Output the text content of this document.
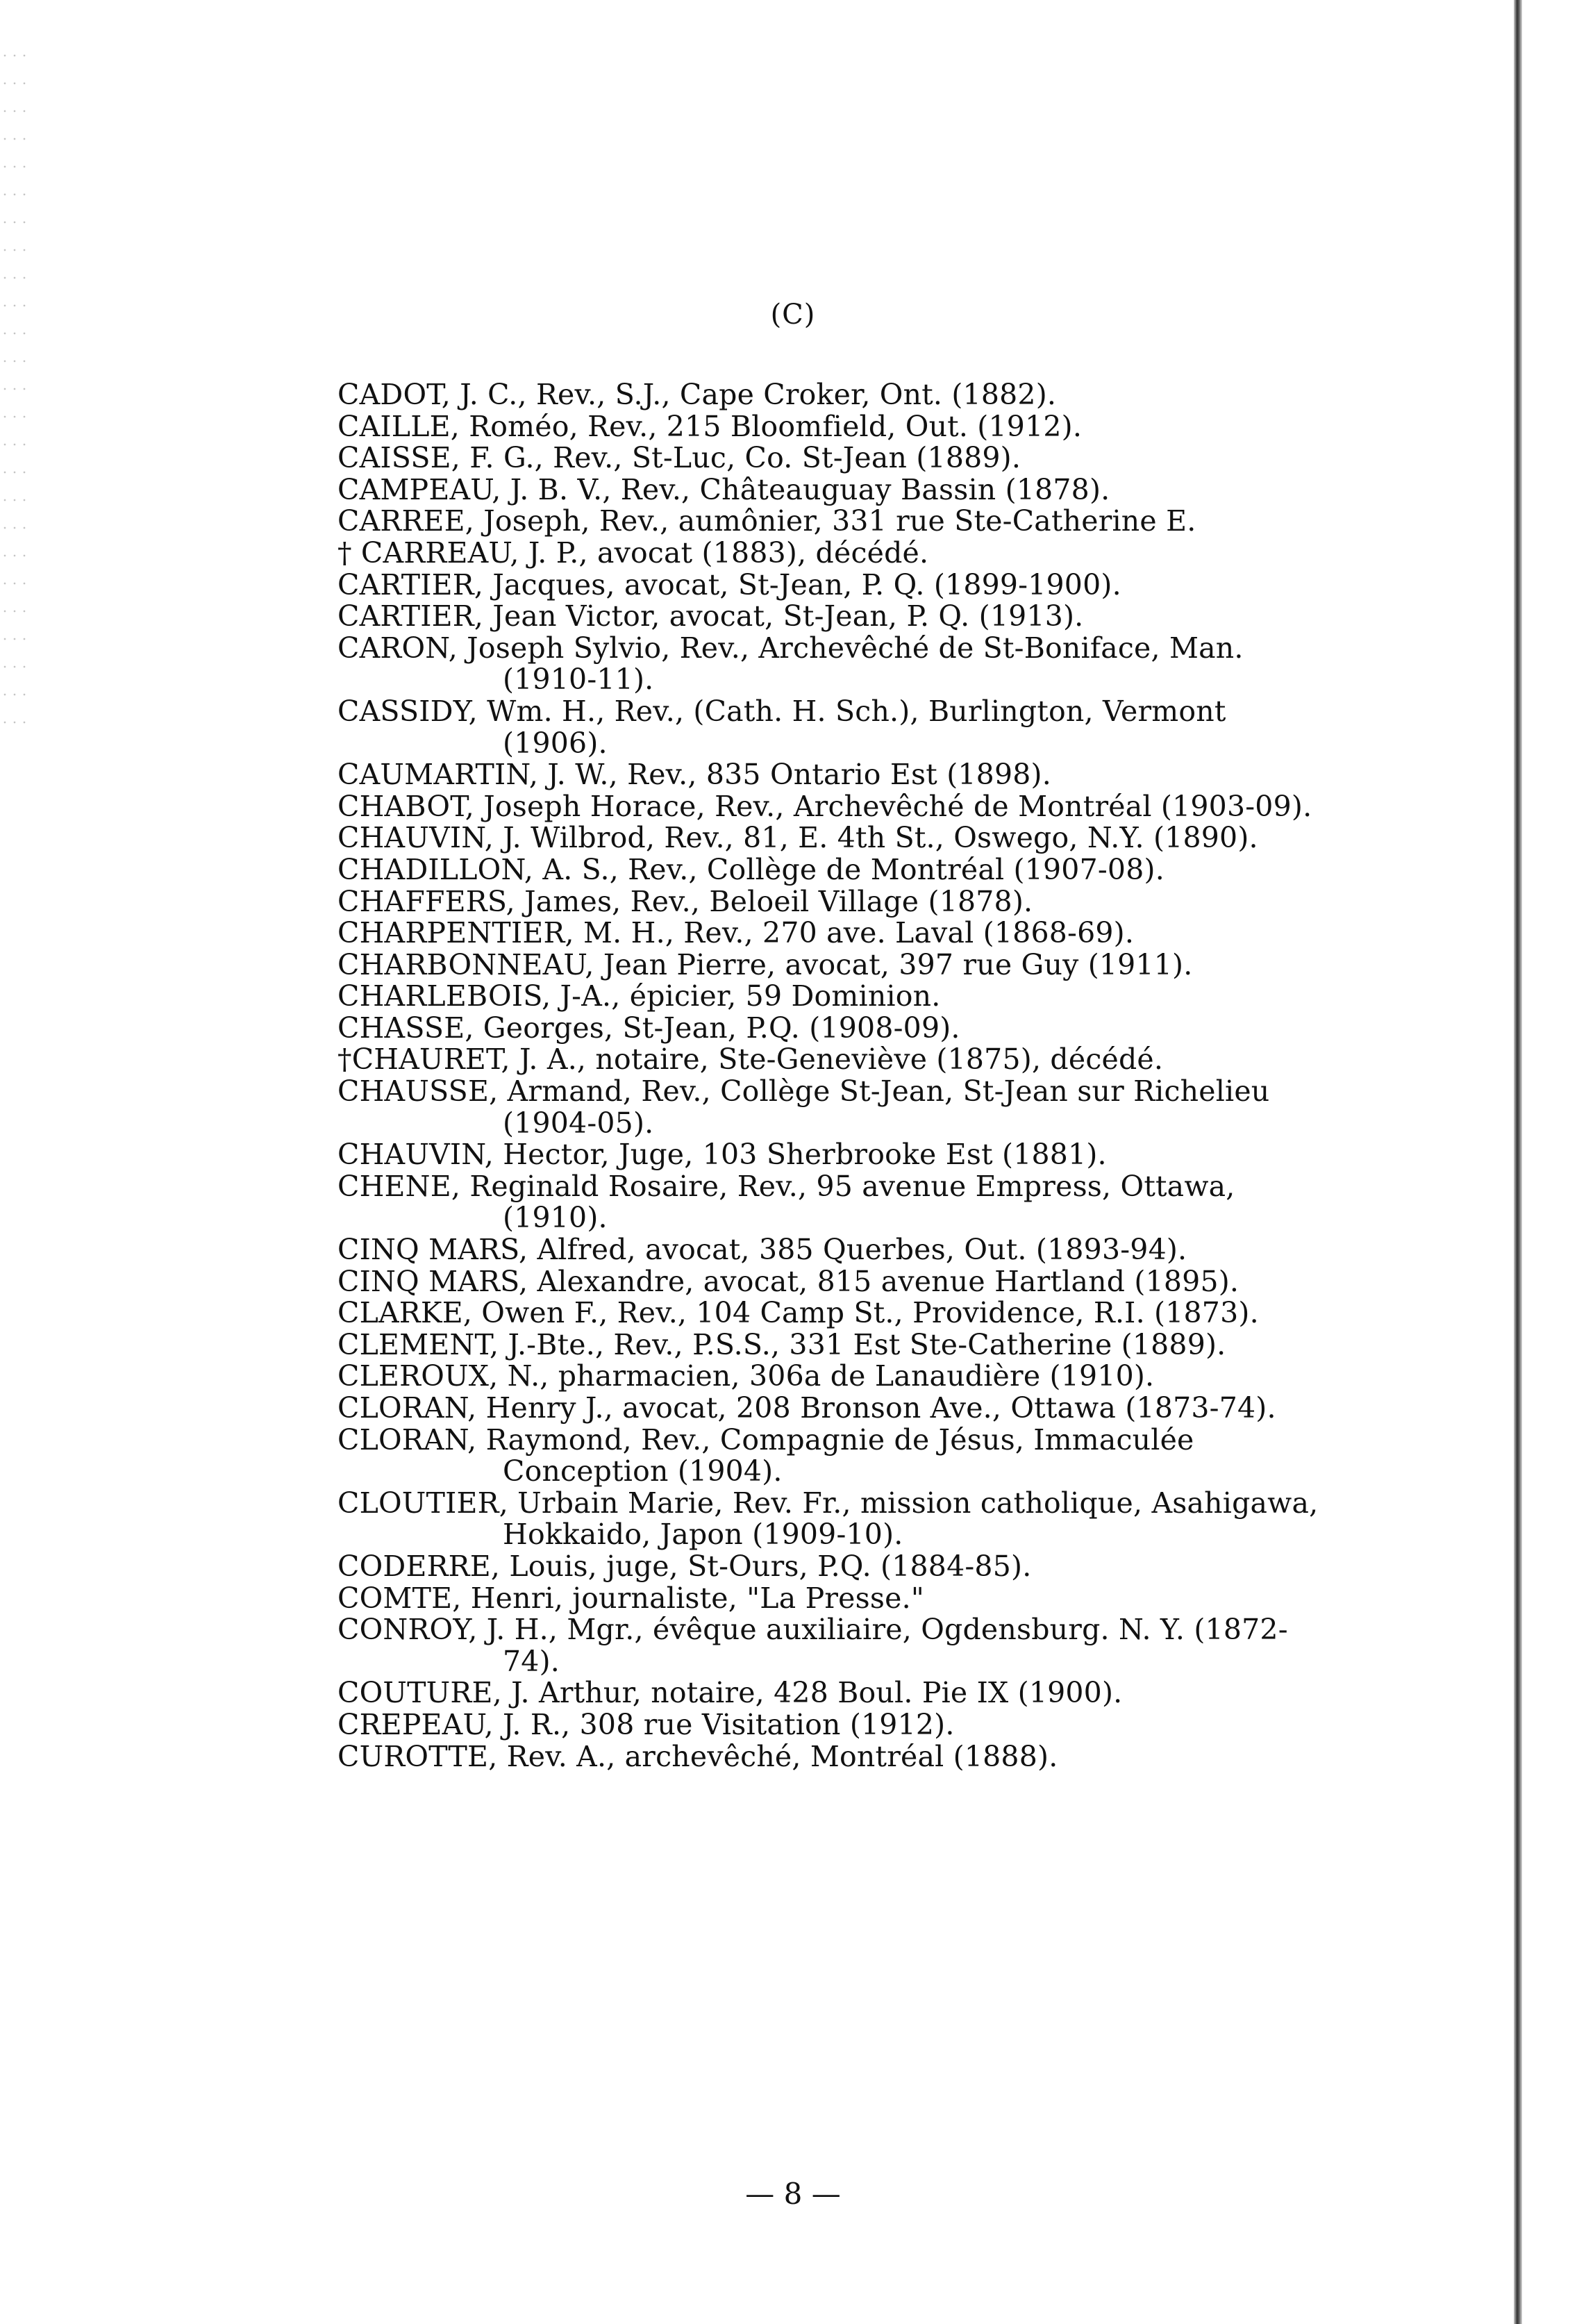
(C)
CADOT, J. C., Rev., S.J., Cape Croker, Ont. (1882).
CAILLE, Roméo, Rev., 215 Bloomfield, Out. (1912).
CAISSE, F. G., Rev., St-Luc, Co. St-Jean (1889).
CAMPEAU, J. B. V., Rev., Châteauguay Bassin (1878).
CARREE, Joseph, Rev., aumônier, 331 rue Ste-Catherine E.
† CARREAU, J. P., avocat (1883), décédé.
CARTIER, Jacques, avocat, St-Jean, P. Q. (1899-1900).
CARTIER, Jean Victor, avocat, St-Jean, P. Q. (1913).
CARON, Joseph Sylvio, Rev., Archevêché de St-Boniface, Man. (1910-11).
CASSIDY, Wm. H., Rev., (Cath. H. Sch.), Burlington, Vermont (1906).
CAUMARTIN, J. W., Rev., 835 Ontario Est (1898).
CHABOT, Joseph Horace, Rev., Archevêché de Montréal (1903-09).
CHAUVIN, J. Wilbrod, Rev., 81, E. 4th St., Oswego, N.Y. (1890).
CHADILLON, A. S., Rev., Collège de Montréal (1907-08).
CHAFFERS, James, Rev., Beloeil Village (1878).
CHARPENTIER, M. H., Rev., 270 ave. Laval (1868-69).
CHARBONNEAU, Jean Pierre, avocat, 397 rue Guy (1911).
CHARLEBOIS, J-A., épicier, 59 Dominion.
CHASSE, Georges, St-Jean, P.Q. (1908-09).
†CHAURET, J. A., notaire, Ste-Geneviève (1875), décédé.
CHAUSSE, Armand, Rev., Collège St-Jean, St-Jean sur Richelieu (1904-05).
CHAUVIN, Hector, Juge, 103 Sherbrooke Est (1881).
CHENE, Reginald Rosaire, Rev., 95 avenue Empress, Ottawa, (1910).
CINQ MARS, Alfred, avocat, 385 Querbes, Out. (1893-94).
CINQ MARS, Alexandre, avocat, 815 avenue Hartland (1895).
CLARKE, Owen F., Rev., 104 Camp St., Providence, R.I. (1873).
CLEMENT, J.-Bte., Rev., P.S.S., 331 Est Ste-Catherine (1889).
CLEROUX, N., pharmacien, 306a de Lanaudière (1910).
CLORAN, Henry J., avocat, 208 Bronson Ave., Ottawa (1873-74).
CLORAN, Raymond, Rev., Compagnie de Jésus, Immaculée Conception (1904).
CLOUTIER, Urbain Marie, Rev. Fr., mission catholique, Asahigawa, Hokkaido, Japon (1909-10).
CODERRE, Louis, juge, St-Ours, P.Q. (1884-85).
COMTE, Henri, journaliste, "La Presse."
CONROY, J. H., Mgr., évêque auxiliaire, Ogdensburg. N. Y. (1872-74).
COUTURE, J. Arthur, notaire, 428 Boul. Pie IX (1900).
CREPEAU, J. R., 308 rue Visitation (1912).
CUROTTE, Rev. A., archevêché, Montréal (1888).
— 8 —
